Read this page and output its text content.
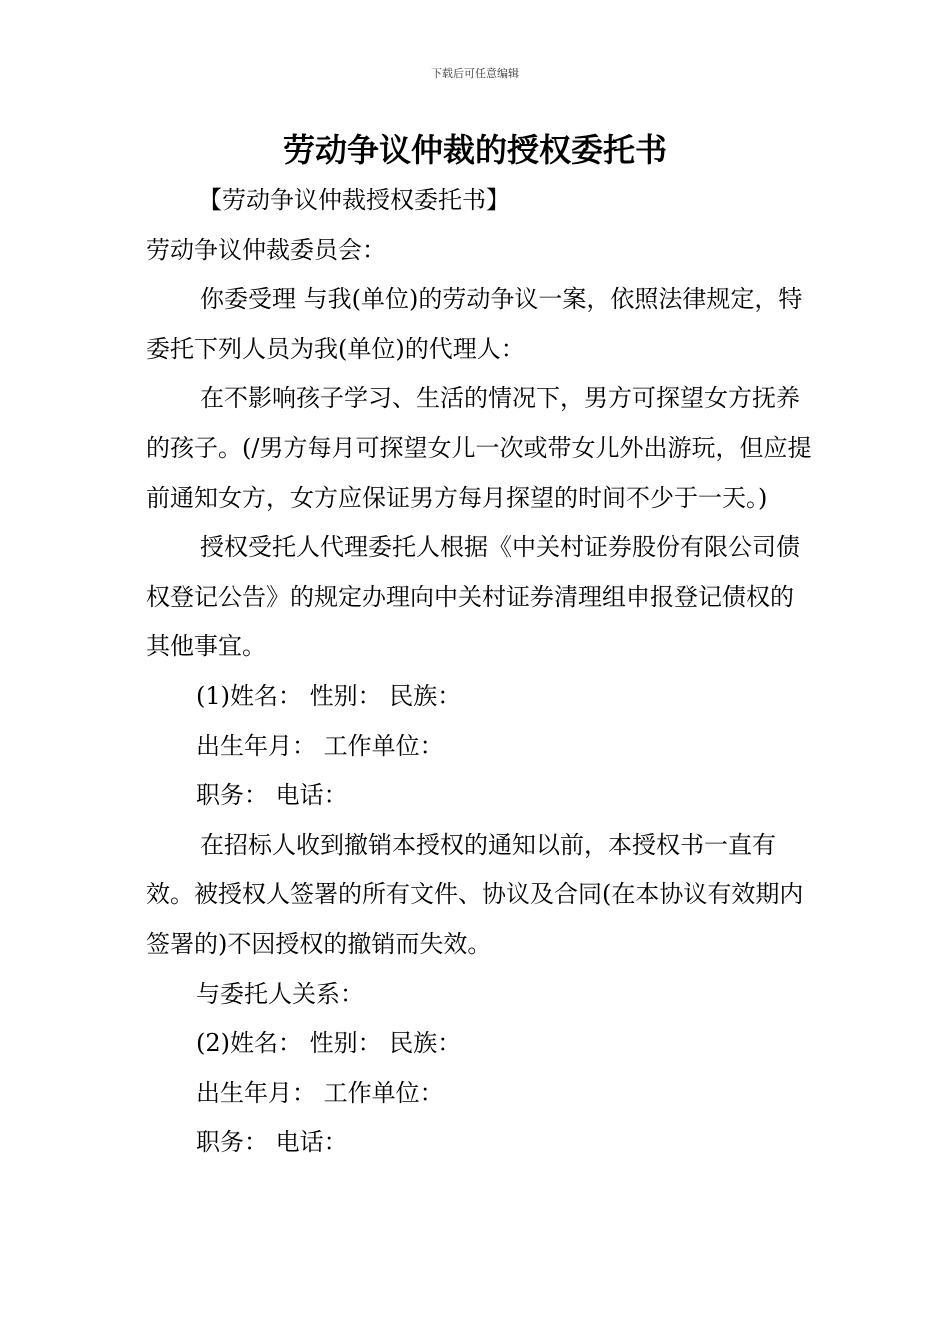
下载后可任意编辑
劳动争议仲裁的授权委托书

【劳动争议仲裁授权委托书】

劳动争议仲裁委员会：

你委受理 与我(单位)的劳动争议一案，依照法律规定，特委托下列人员为我(单位)的代理人：

在不影响孩子学习、生活的情况下，男方可探望女方抚养的孩子。(/男方每月可探望女儿一次或带女儿外出游玩，但应提前通知女方，女方应保证男方每月探望的时间不少于一天。)

授权受托人代理委托人根据《中关村证券股份有限公司债权登记公告》的规定办理向中关村证券清理组申报登记债权的其他事宜。

(1)姓名： 性别： 民族：

出生年月： 工作单位：

职务： 电话：

在招标人收到撤销本授权的通知以前，本授权书一直有效。被授权人签署的所有文件、协议及合同(在本协议有效期内签署的)不因授权的撤销而失效。

与委托人关系：

(2)姓名： 性别： 民族：

出生年月： 工作单位：

职务： 电话：
